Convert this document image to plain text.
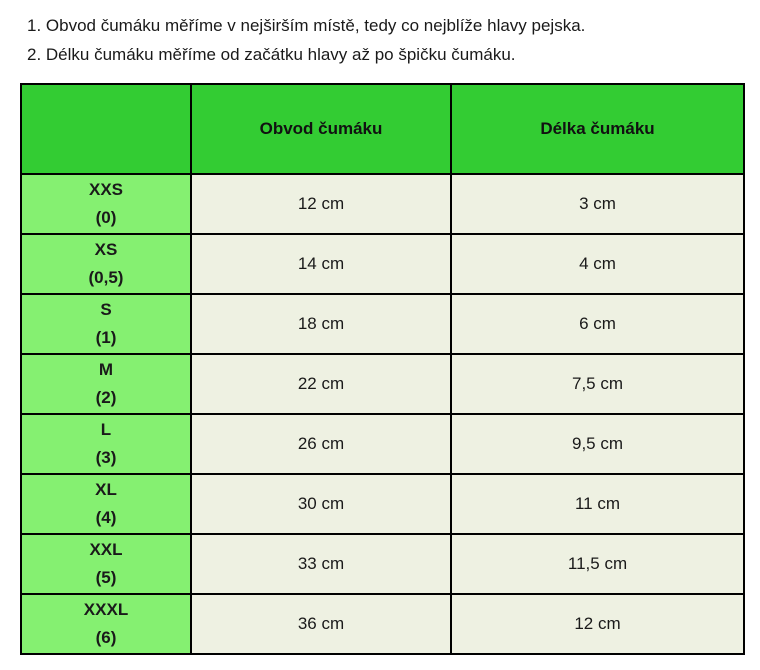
1. Obvod čumáku měříme v nejširším místě, tedy co nejblíže hlavy pejska.
2. Délku čumáku měříme od začátku hlavy až po špičku čumáku.
	Obvod čumáku	Délka čumáku

XXS
(0)	12 cm	3 cm

XS
(0,5)	14 cm	4 cm

S
(1)	18 cm	6 cm

M
(2)	22 cm	7,5 cm

L
(3)	26 cm	9,5 cm

XL
(4)	30 cm	11 cm

XXL
(5)	33 cm	11,5 cm

XXXL
(6)	36 cm	12 cm
